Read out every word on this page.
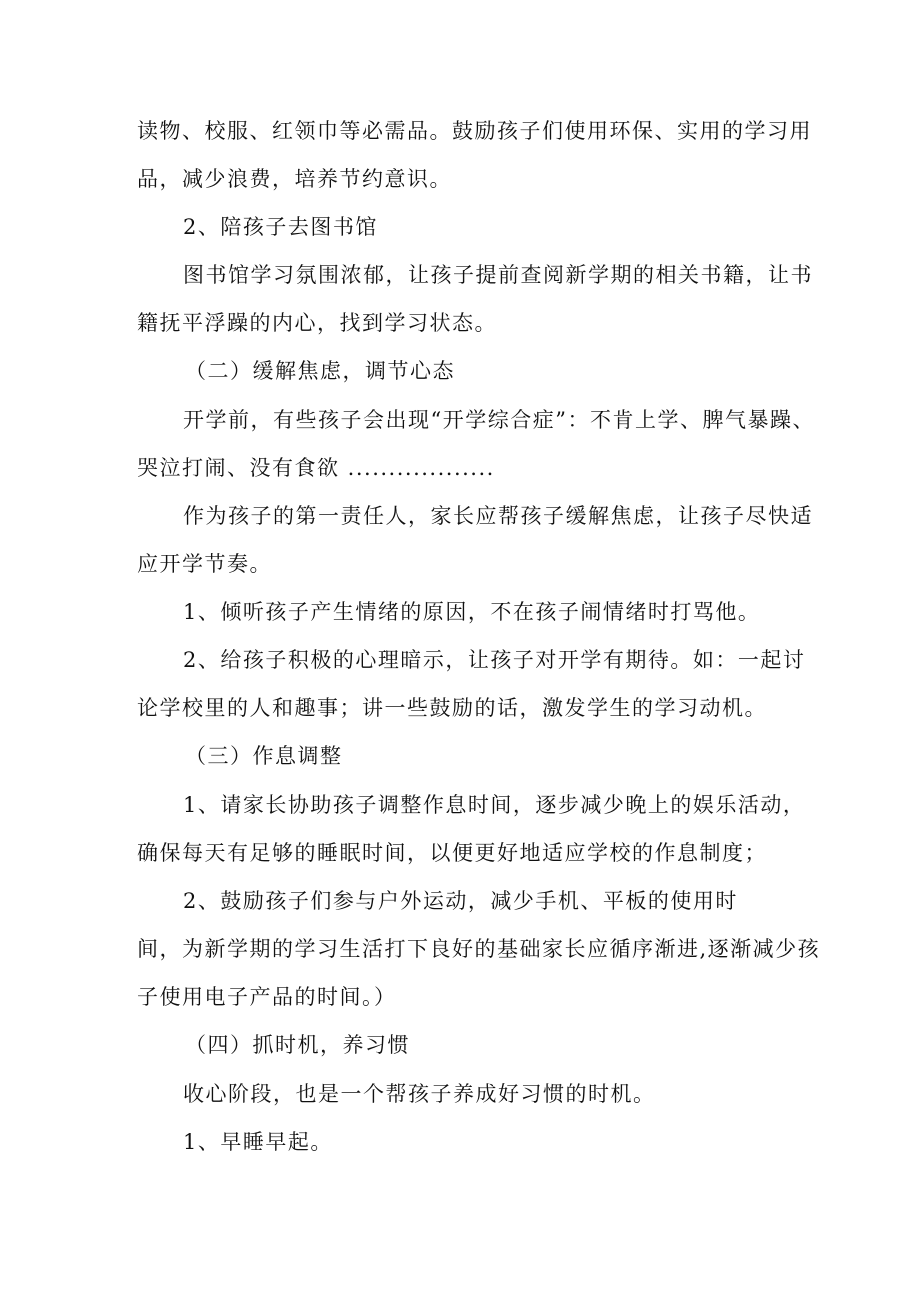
读物、校服、红领巾等必需品。鼓励孩子们使用环保、实用的学习用

品，减少浪费，培养节约意识。

2、陪孩子去图书馆

图书馆学习氛围浓郁，让孩子提前查阅新学期的相关书籍，让书

籍抚平浮躁的内心，找到学习状态。

（二）缓解焦虑，调节心态

开学前，有些孩子会出现“开学综合症”：不肯上学、脾气暴躁、

哭泣打闹、没有食欲 ..................

作为孩子的第一责任人，家长应帮孩子缓解焦虑，让孩子尽快适

应开学节奏。

1、倾听孩子产生情绪的原因，不在孩子闹情绪时打骂他。

2、给孩子积极的心理暗示，让孩子对开学有期待。如：一起讨

论学校里的人和趣事；讲一些鼓励的话，激发学生的学习动机。

（三）作息调整

1、请家长协助孩子调整作息时间，逐步减少晚上的娱乐活动，

确保每天有足够的睡眠时间，以便更好地适应学校的作息制度；

2、鼓励孩子们参与户外运动，减少手机、平板的使用时

间，为新学期的学习生活打下良好的基础家长应循序渐进,逐渐减少孩

子使用电子产品的时间。）

（四）抓时机，养习惯

收心阶段，也是一个帮孩子养成好习惯的时机。

1、早睡早起。
